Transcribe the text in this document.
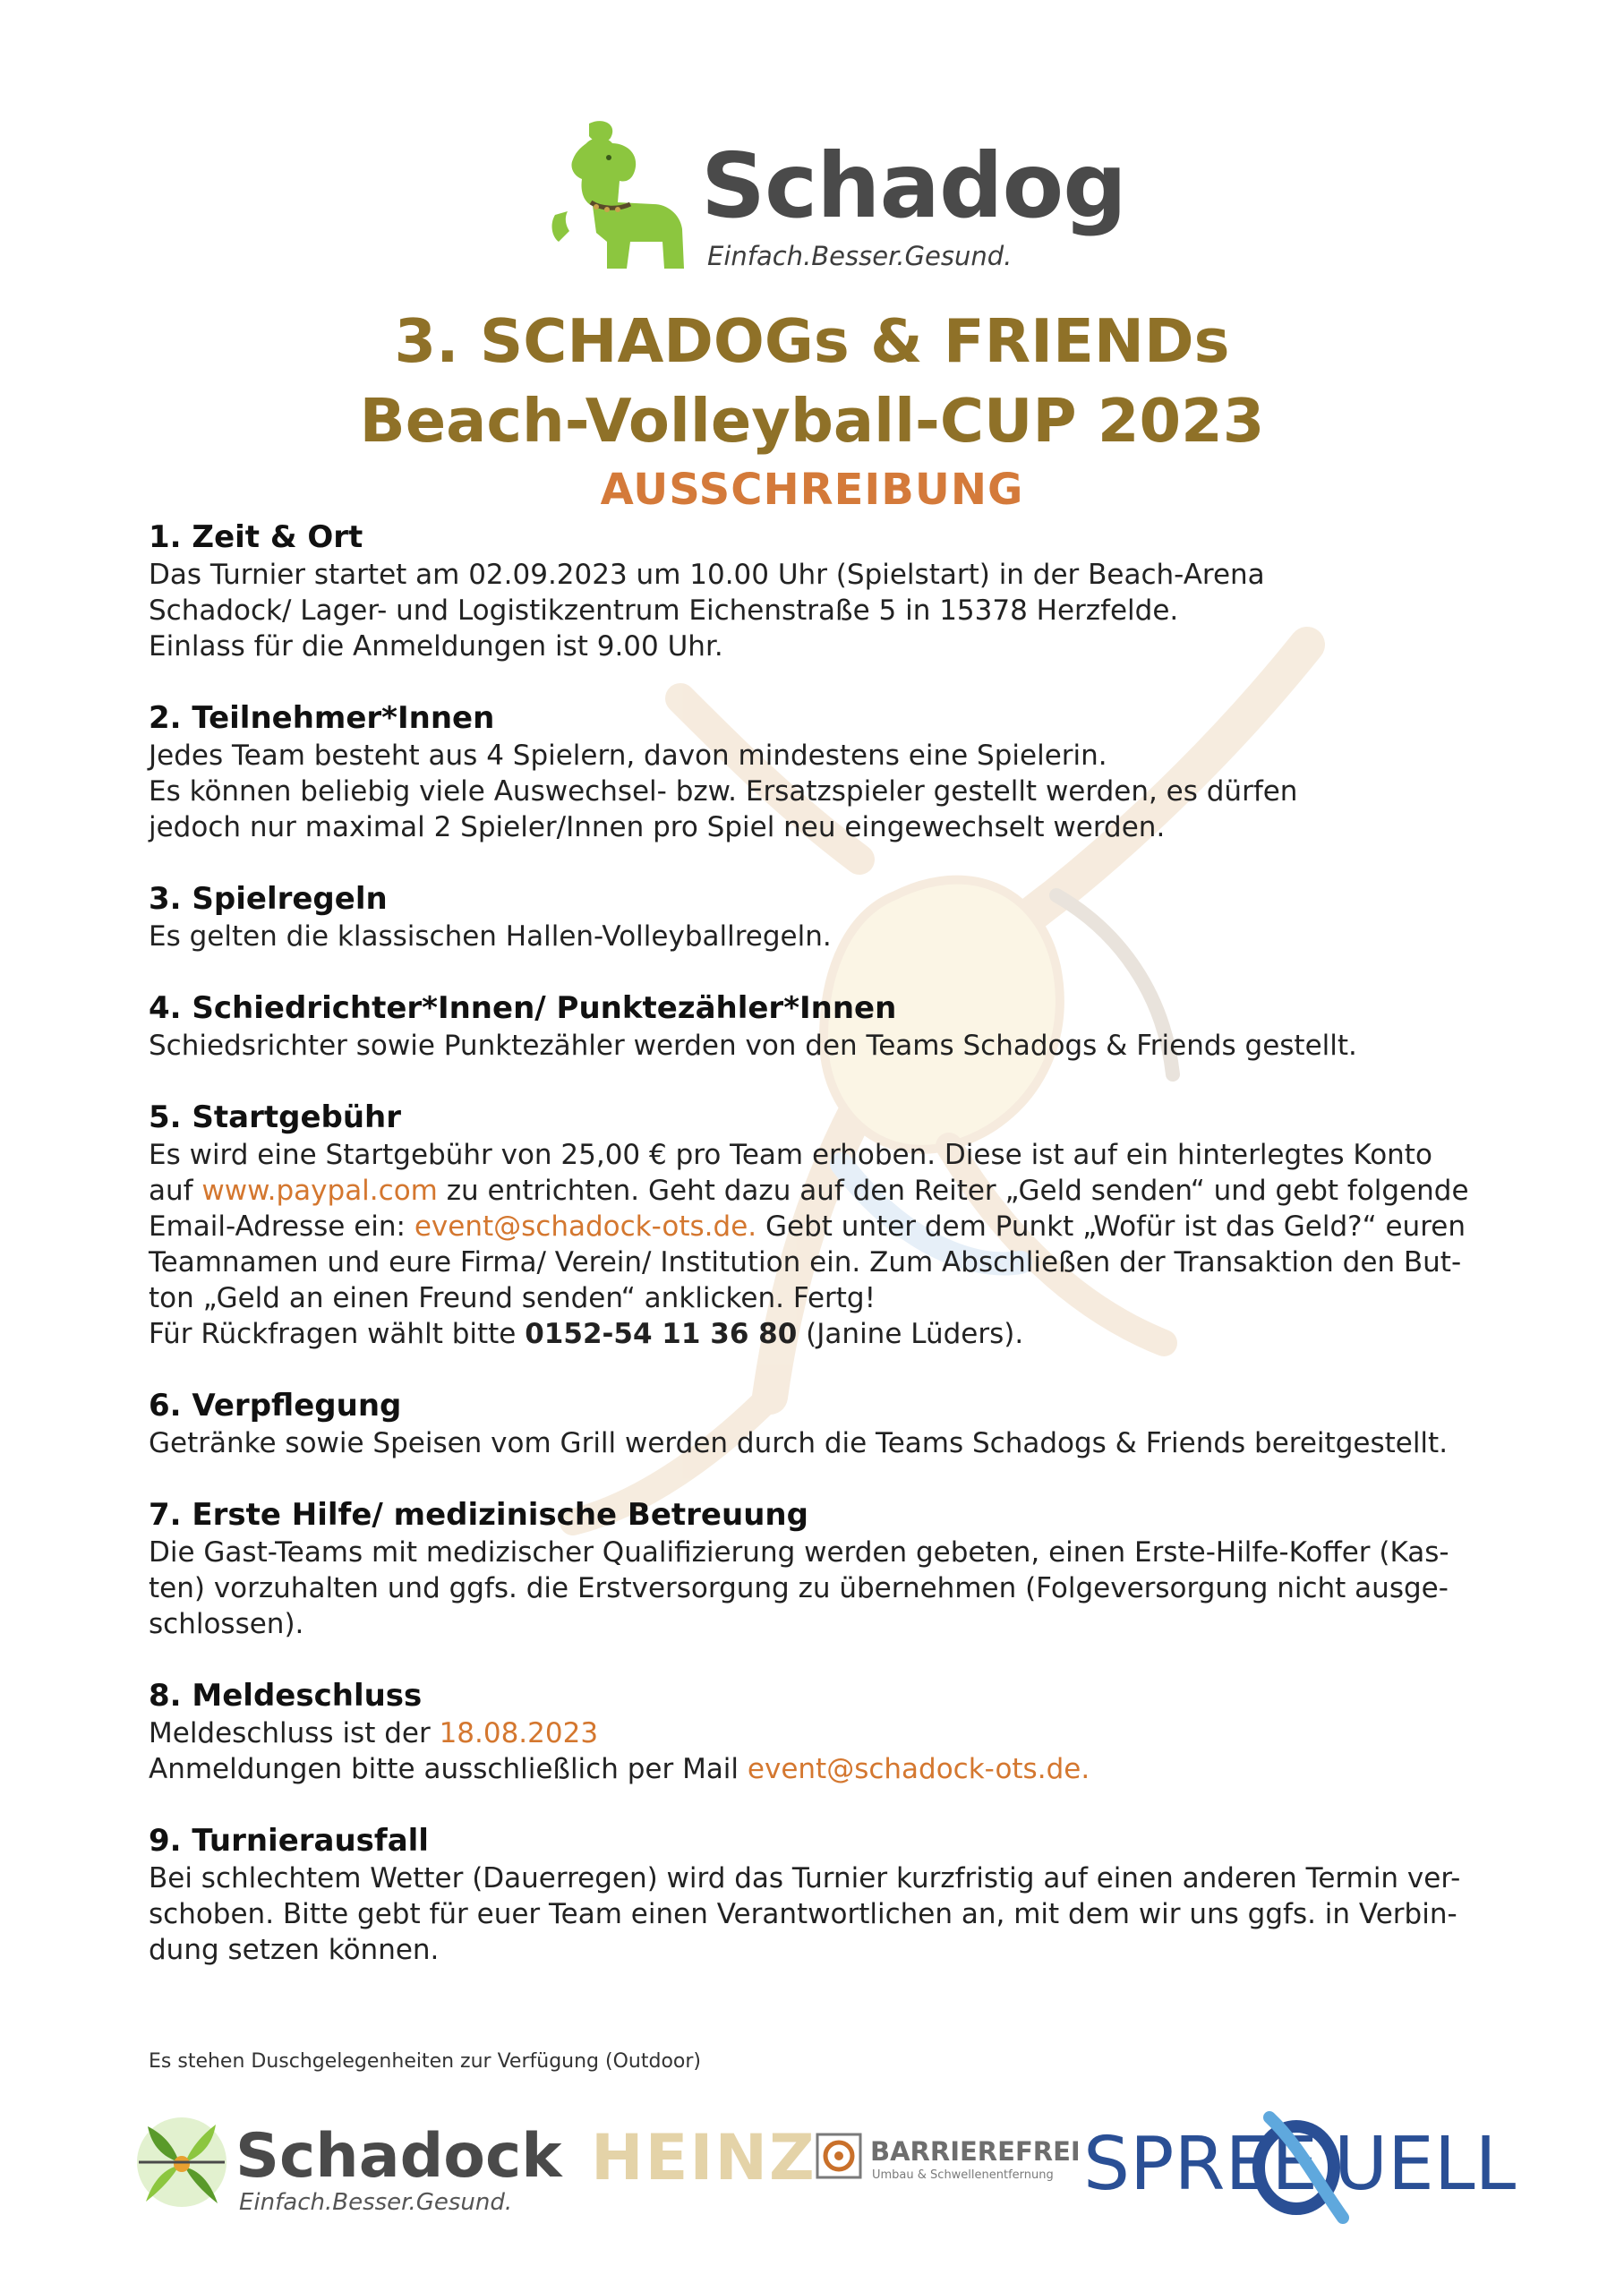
Schadog
Einfach.Besser.Gesund.
3. SCHADOGs & FRIENDs
Beach-Volleyball-CUP 2023
AUSSCHREIBUNG
1. Zeit & Ort

Das Turnier startet am 02.09.2023 um 10.00 Uhr (Spielstart) in der Beach-Arena

Schadock/ Lager- und Logistikzentrum Eichenstraße 5 in 15378 Herzfelde.

Einlass für die Anmeldungen ist 9.00 Uhr.

2. Teilnehmer*Innen

Jedes Team besteht aus 4 Spielern, davon mindestens eine Spielerin.

Es können beliebig viele Auswechsel- bzw. Ersatzspieler gestellt werden, es dürfen

jedoch nur maximal 2 Spieler/Innen pro Spiel neu eingewechselt werden.

3. Spielregeln

Es gelten die klassischen Hallen-Volleyballregeln.

4. Schiedrichter*Innen/ Punktezähler*Innen

Schiedsrichter sowie Punktezähler werden von den Teams Schadogs & Friends gestellt.

5. Startgebühr

Es wird eine Startgebühr von 25,00 € pro Team erhoben. Diese ist auf ein hinterlegtes Konto

auf www.paypal.com zu entrichten. Geht dazu auf den Reiter „Geld senden“ und gebt folgende

Email-Adresse ein: event@schadock-ots.de. Gebt unter dem Punkt „Wofür ist das Geld?“ euren

Teamnamen und eure Firma/ Verein/ Institution ein. Zum Abschließen der Transaktion den But-

ton „Geld an einen Freund senden“ anklicken. Fertg!

Für Rückfragen wählt bitte 0152-54 11 36 80 (Janine Lüders).

6. Verpflegung

Getränke sowie Speisen vom Grill werden durch die Teams Schadogs & Friends bereitgestellt.

7. Erste Hilfe/ medizinische Betreuung

Die Gast-Teams mit medizischer Qualifizierung werden gebeten, einen Erste-Hilfe-Koffer (Kas-

ten) vorzuhalten und ggfs. die Erstversorgung zu übernehmen (Folgeversorgung nicht ausge-

schlossen).

8. Meldeschluss

Meldeschluss ist der 18.08.2023

Anmeldungen bitte ausschließlich per Mail event@schadock-ots.de.

9. Turnierausfall

Bei schlechtem Wetter (Dauerregen) wird das Turnier kurzfristig auf einen anderen Termin ver-

schoben. Bitte gebt für euer Team einen Verantwortlichen an, mit dem wir uns ggfs. in Verbin-

dung setzen können.

Es stehen Duschgelegenheiten zur Verfügung (Outdoor)
Schadock
Einfach.Besser.Gesund.
HEINZ BARRIEREFREI
Umbau & Schwellenentfernung SPREE UELL
